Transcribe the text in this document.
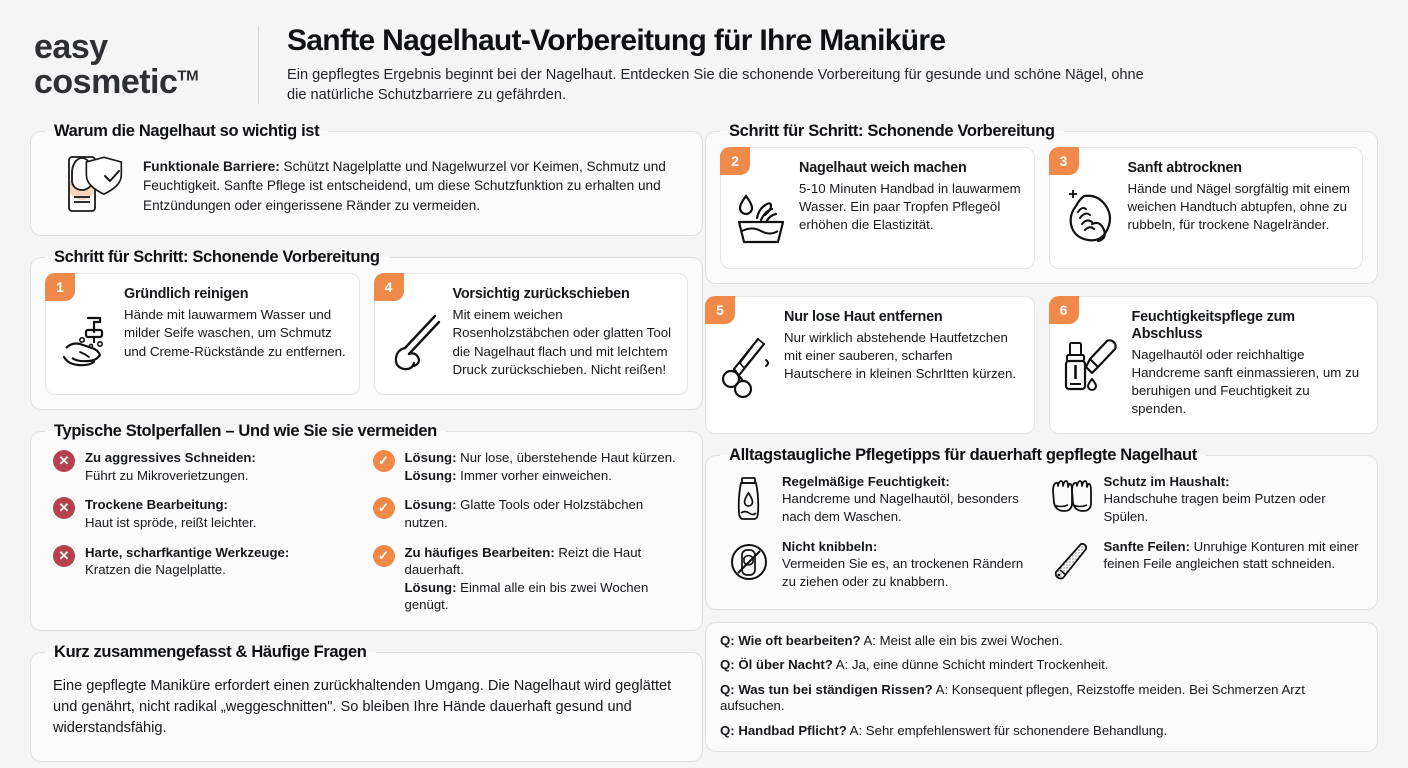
easy
cosmetic™
Sanfte Nagelhaut-Vorbereitung für Ihre Maniküre
Ein gepflegtes Ergebnis beginnt bei der Nagelhaut. Entdecken Sie die schonende Vorbereitung für gesunde und schöne Nägel, ohne die natürliche Schutzbarriere zu gefährden.
Warum die Nagelhaut so wichtig ist
Funktionale Barriere: Schützt Nagelplatte und Nagelwurzel vor Keimen, Schmutz und Feuchtigkeit. Sanfte Pflege ist entscheidend, um diese Schutzfunktion zu erhalten und Entzündungen oder eingerissene Ränder zu vermeiden.
Schritt für Schritt: Schonende Vorbereitung
1	Gründlich reinigen
Hände mit lauwarmem Wasser und milder Seife waschen, um Schmutz und Creme-Rückstände zu entfernen.
4	Vorsichtig zurückschieben
Mit einem weichen Rosenholzstäbchen oder glatten Tool die Nagelhaut flach und mit leIchtem Druck zurückschieben. Nicht reißen!
Typische Stolperfallen – Und wie Sie sie vermeiden
✕	Zu aggressives Schneiden:
Führt zu Mikroverietzungen.
✕	Trockene Bearbeitung:
Haut ist spröde, reißt leichter.
✕	Harte, scharfkantige Werkzeuge:
Kratzen die Nagelplatte.
✓	Lösung: Nur lose, überstehende Haut kürzen.
Lösung: Immer vorher einweichen.
✓	Lösung: Glatte Tools oder Holzstäbchen nutzen.
✓	Zu häufiges Bearbeiten: Reizt die Haut dauerhaft.
Lösung: Einmal alle ein bis zwei Wochen genügt.
Kurz zusammengefasst & Häufige Fragen
Eine gepflegte Maniküre erfordert einen zurückhaltenden Umgang. Die Nagelhaut wird geglättet und genährt, nicht radikal „weggeschnitten". So bleiben Ihre Hände dauerhaft gesund und widerstandsfähig.
Schritt für Schritt: Schonende Vorbereitung
2	Nagelhaut weich machen
5-10 Minuten Handbad in lauwarmem Wasser. Ein paar Tropfen Pflegeöl erhöhen die Elastizität.
3	Sanft abtrocknen
Hände und Nägel sorgfältig mit einem weichen Handtuch abtupfen, ohne zu rubbeln, für trockene Nagelränder.
5	Nur lose Haut entfernen
Nur wirklich abstehende Hautfetzchen mit einer sauberen, scharfen Hautschere in kleinen SchrItten kürzen.
6	Feuchtigkeitspflege zum Abschluss
Nagelhautöl oder reichhaltige Handcreme sanft einmassieren, um zu beruhigen und Feuchtigkeit zu spenden.
Alltagstaugliche Pflegetipps für dauerhaft gepflegte Nagelhaut
Regelmäßige Feuchtigkeit:
Handcreme und Nagelhautöl, besonders nach dem Waschen.
Nicht knibbeln:
Vermeiden Sie es, an trockenen Rändern zu ziehen oder zu knabbern.
Schutz im Haushalt:
Handschuhe tragen beim Putzen oder Spülen.
Sanfte Feilen: Unruhige Konturen mit einer feinen Feile angleichen statt schneiden.
Q: Wie oft bearbeiten? A: Meist alle ein bis zwei Wochen.
Q: Öl über Nacht? A: Ja, eine dünne Schicht mindert Trockenheit.
Q: Was tun bei ständigen Rissen? A: Konsequent pflegen, Reizstoffe meiden. Bei Schmerzen Arzt aufsuchen.
Q: Handbad Pflicht? A: Sehr empfehlenswert für schonendere Behandlung.
